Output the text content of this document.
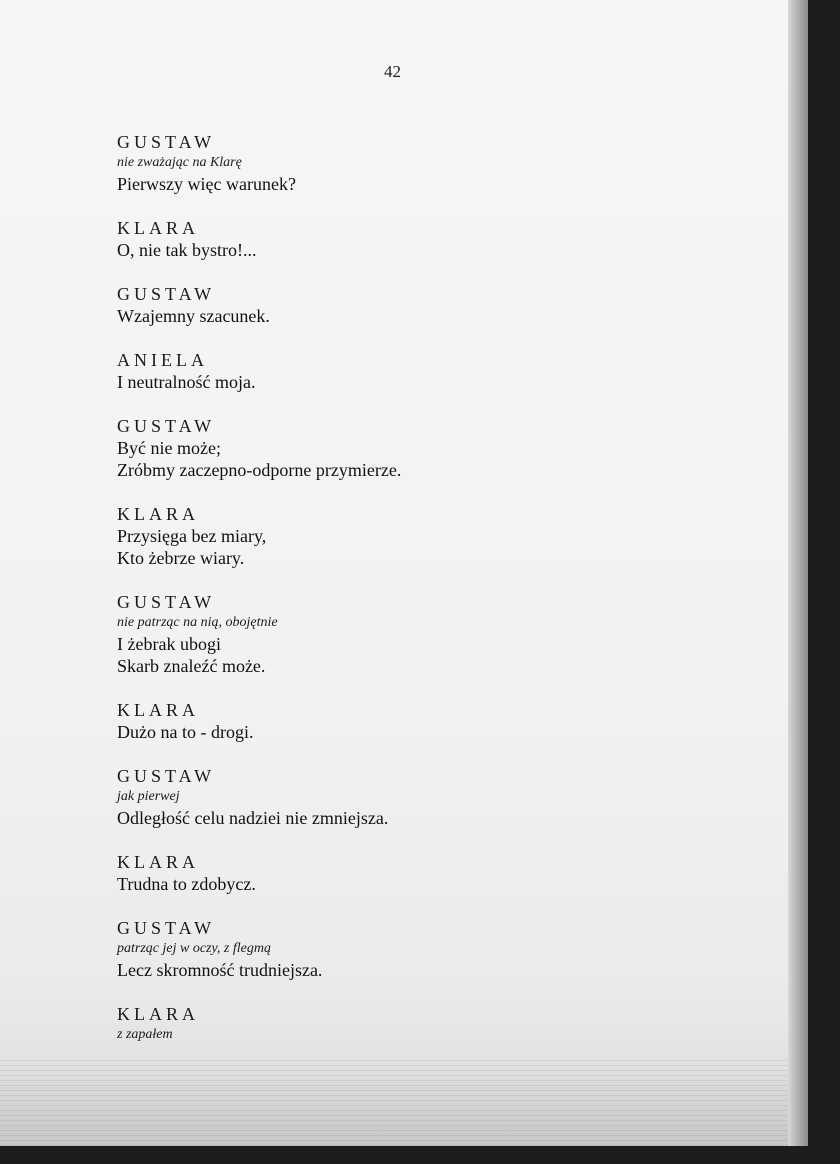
42
GUSTAW
nie zważając na Klarę
Pierwszy więc warunek?
KLARA
O, nie tak bystro!...
GUSTAW
Wzajemny szacunek.
ANIELA
I neutralność moja.
GUSTAW
Być nie może;
Zróbmy zaczepno-odporne przymierze.
KLARA
Przysięga bez miary,
Kto żebrze wiary.
GUSTAW
nie patrząc na nią, obojętnie
I żebrak ubogi
Skarb znaleźć może.
KLARA
Dużo na to - drogi.
GUSTAW
jak pierwej
Odległość celu nadziei nie zmniejsza.
KLARA
Trudna to zdobycz.
GUSTAW
patrząc jej w oczy, z flegmą
Lecz skromność trudniejsza.
KLARA
z zapałem
